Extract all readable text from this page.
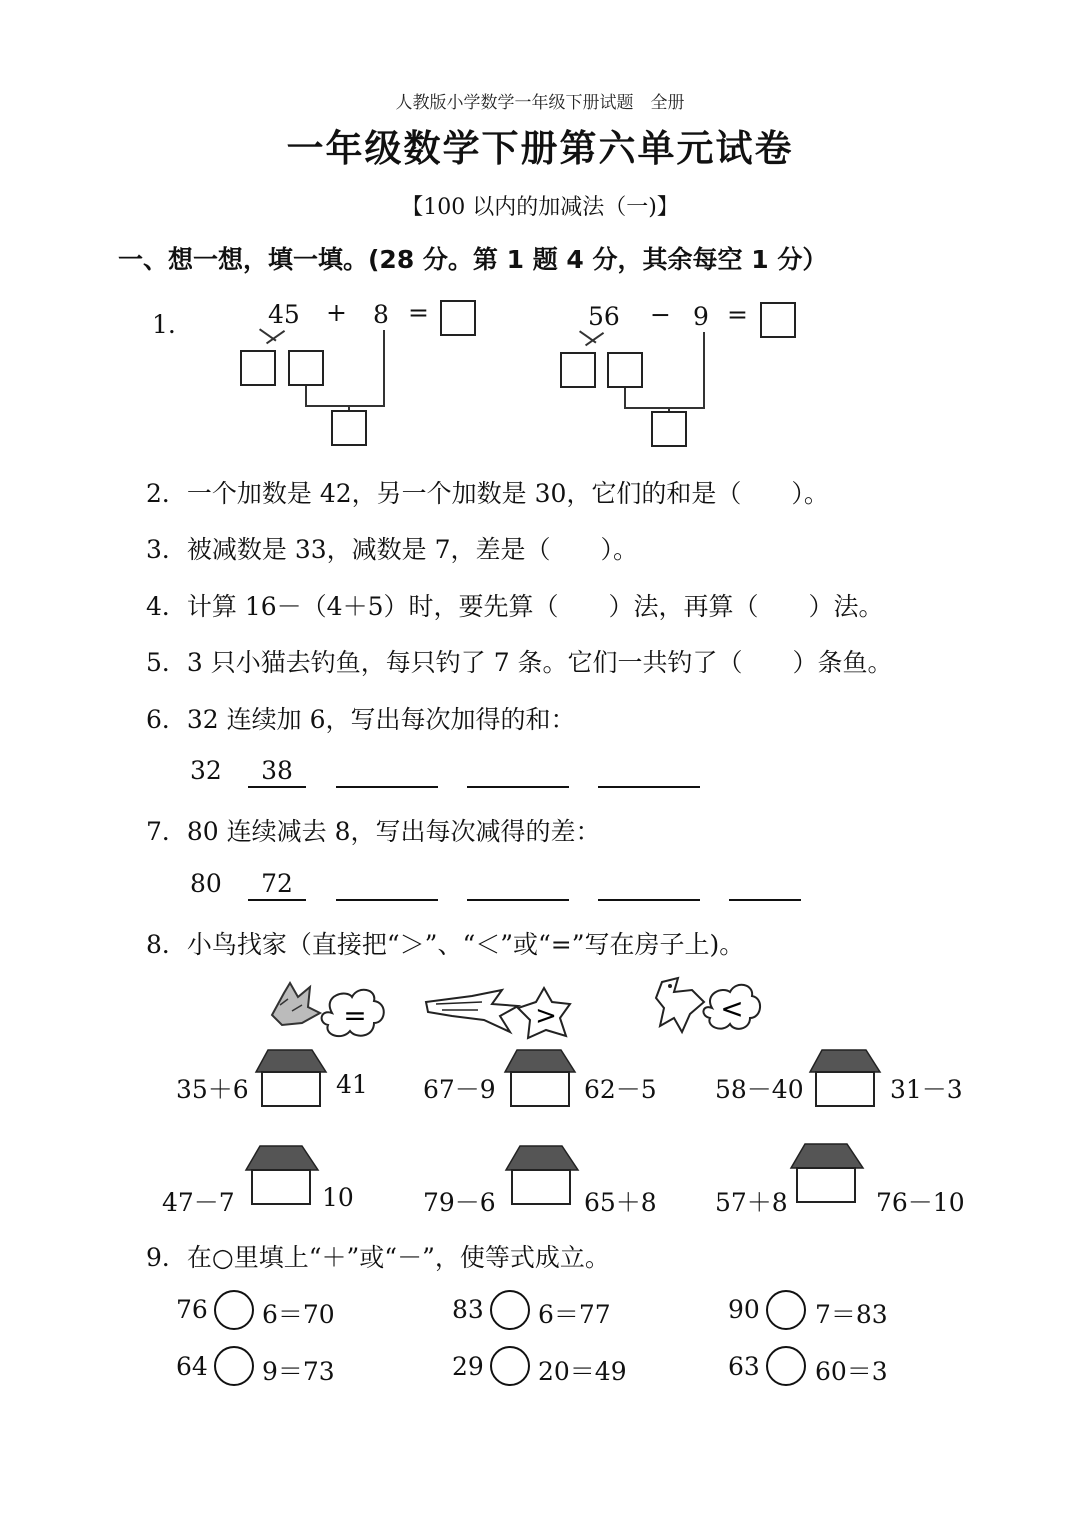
人教版小学数学一年级下册试题　全册
一年级数学下册第六单元试卷
【100 以内的加减法（一)】
一、想一想，填一填。(28 分。第 1 题 4 分，其余每空 1 分）
1.	45 + 8 =	56 − 9 =
2．一个加数是 42，另一个加数是 30，它们的和是（　　）。
3．被减数是 33，减数是 7，差是（　　）。
4．计算 16－（4＋5）时，要先算（　　）法，再算（　　）法。
5．3 只小猫去钓鱼，每只钓了 7 条。它们一共钓了（　　）条鱼。
6．32 连续加 6，写出每次加得的和：
32	38
7．80 连续减去 8，写出每次减得的差：
80	72
8．小鸟找家（直接把“＞”、“＜”或“=”写在房子上)。
=	>	<
35＋6	41 67－9	62－5 58－40	31－3
47－7	10	79－6	65＋8 57＋8	76－10
9．在○里填上“＋”或“－”，使等式成立。
76 6＝70	83 6＝77	90 7＝83
64 9＝73	29 20＝49	63 60＝3
